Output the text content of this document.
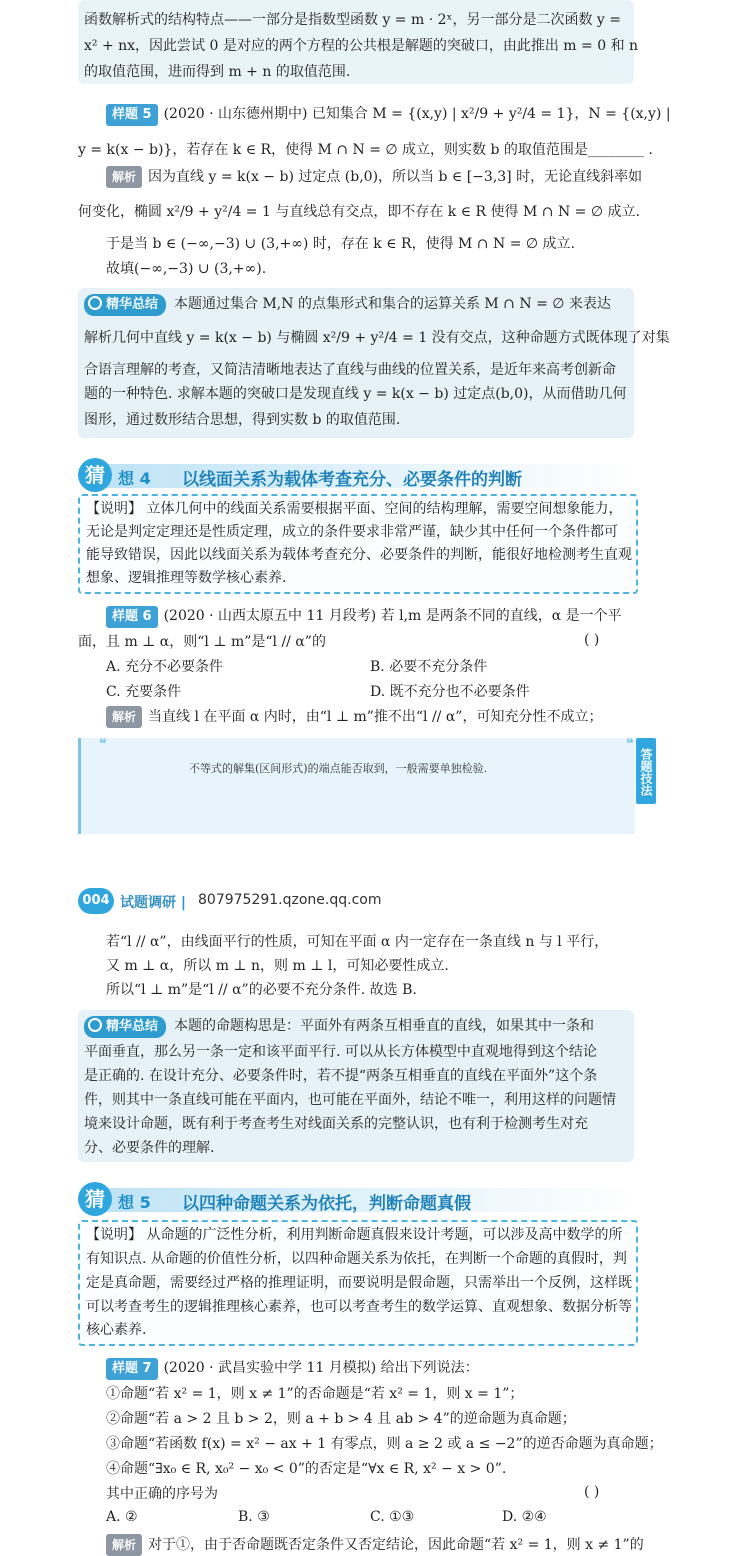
函数解析式的结构特点——一部分是指数型函数 y = m · 2ˣ，另一部分是二次函数 y =
x² + nx，因此尝试 0 是对应的两个方程的公共根是解题的突破口，由此推出 m = 0 和 n
的取值范围，进而得到 m + n 的取值范围.
样题 5 (2020 · 山东德州期中) 已知集合 M = {(x,y) | x²/9 + y²/4 = 1}，N = {(x,y) |
y = k(x − b)}，若存在 k ∈ R，使得 M ∩ N = ∅ 成立，则实数 b 的取值范围是________ .
解析 因为直线 y = k(x − b) 过定点 (b,0)，所以当 b ∈ [−3,3] 时，无论直线斜率如
何变化，椭圆 x²/9 + y²/4 = 1 与直线总有交点，即不存在 k ∈ R 使得 M ∩ N = ∅ 成立.
于是当 b ∈ (−∞,−3) ∪ (3,+∞) 时，存在 k ∈ R，使得 M ∩ N = ∅ 成立.
故填(−∞,−3) ∪ (3,+∞).
精华总结 本题通过集合 M,N 的点集形式和集合的运算关系 M ∩ N = ∅ 来表达
解析几何中直线 y = k(x − b) 与椭圆 x²/9 + y²/4 = 1 没有交点，这种命题方式既体现了对集
合语言理解的考查，又简洁清晰地表达了直线与曲线的位置关系，是近年来高考创新命
题的一种特色. 求解本题的突破口是发现直线 y = k(x − b) 过定点(b,0)，从而借助几何
图形，通过数形结合思想，得到实数 b 的取值范围.
猜 想 4 以线面关系为载体考查充分、必要条件的判断
【说明】 立体几何中的线面关系需要根据平面、空间的结构理解，需要空间想象能力，
无论是判定定理还是性质定理，成立的条件要求非常严谨，缺少其中任何一个条件都可
能导致错误，因此以线面关系为载体考查充分、必要条件的判断，能很好地检测考生直观
想象、逻辑推理等数学核心素养.
样题 6 (2020 · 山西太原五中 11 月段考) 若 l,m 是两条不同的直线，α 是一个平
面，且 m ⊥ α，则“l ⊥ m”是“l // α”的	( )
A. 充分不必要条件	B. 必要不充分条件
C. 充要条件	D. 既不充分也不必要条件
解析 当直线 l 在平面 α 内时，由“l ⊥ m”推不出“l // α”，可知充分性不成立；
❝	❝
不等式的解集(区间形式)的端点能否取到，一般需要单独检验.	答题技法
004 试题调研 | 807975291.qzone.qq.com
若“l // α”，由线面平行的性质，可知在平面 α 内一定存在一条直线 n 与 l 平行，
又 m ⊥ α，所以 m ⊥ n，则 m ⊥ l，可知必要性成立.
所以“l ⊥ m”是“l // α”的必要不充分条件. 故选 B.
精华总结 本题的命题构思是：平面外有两条互相垂直的直线，如果其中一条和
平面垂直，那么另一条一定和该平面平行. 可以从长方体模型中直观地得到这个结论
是正确的. 在设计充分、必要条件时，若不提“两条互相垂直的直线在平面外”这个条
件，则其中一条直线可能在平面内，也可能在平面外，结论不唯一，利用这样的问题情
境来设计命题，既有利于考查考生对线面关系的完整认识，也有利于检测考生对充
分、必要条件的理解.
猜 想 5 以四种命题关系为依托，判断命题真假
【说明】 从命题的广泛性分析，利用判断命题真假来设计考题，可以涉及高中数学的所
有知识点. 从命题的价值性分析，以四种命题关系为依托，在判断一个命题的真假时，判
定是真命题，需要经过严格的推理证明，而要说明是假命题，只需举出一个反例，这样既
可以考查考生的逻辑推理核心素养，也可以考查考生的数学运算、直观想象、数据分析等
核心素养.
样题 7 (2020 · 武昌实验中学 11 月模拟) 给出下列说法：
①命题“若 x² = 1，则 x ≠ 1”的否命题是“若 x² = 1，则 x = 1”；
②命题“若 a > 2 且 b > 2，则 a + b > 4 且 ab > 4”的逆命题为真命题；
③命题“若函数 f(x) = x² − ax + 1 有零点，则 a ≥ 2 或 a ≤ −2”的逆否命题为真命题；
④命题“∃x₀ ∈ R, x₀² − x₀ < 0”的否定是“∀x ∈ R, x² − x > 0”.
其中正确的序号为	( )
A. ②	B. ③	C. ①③	D. ②④
解析 对于①，由于否命题既否定条件又否定结论，因此命题“若 x² = 1，则 x ≠ 1”的
